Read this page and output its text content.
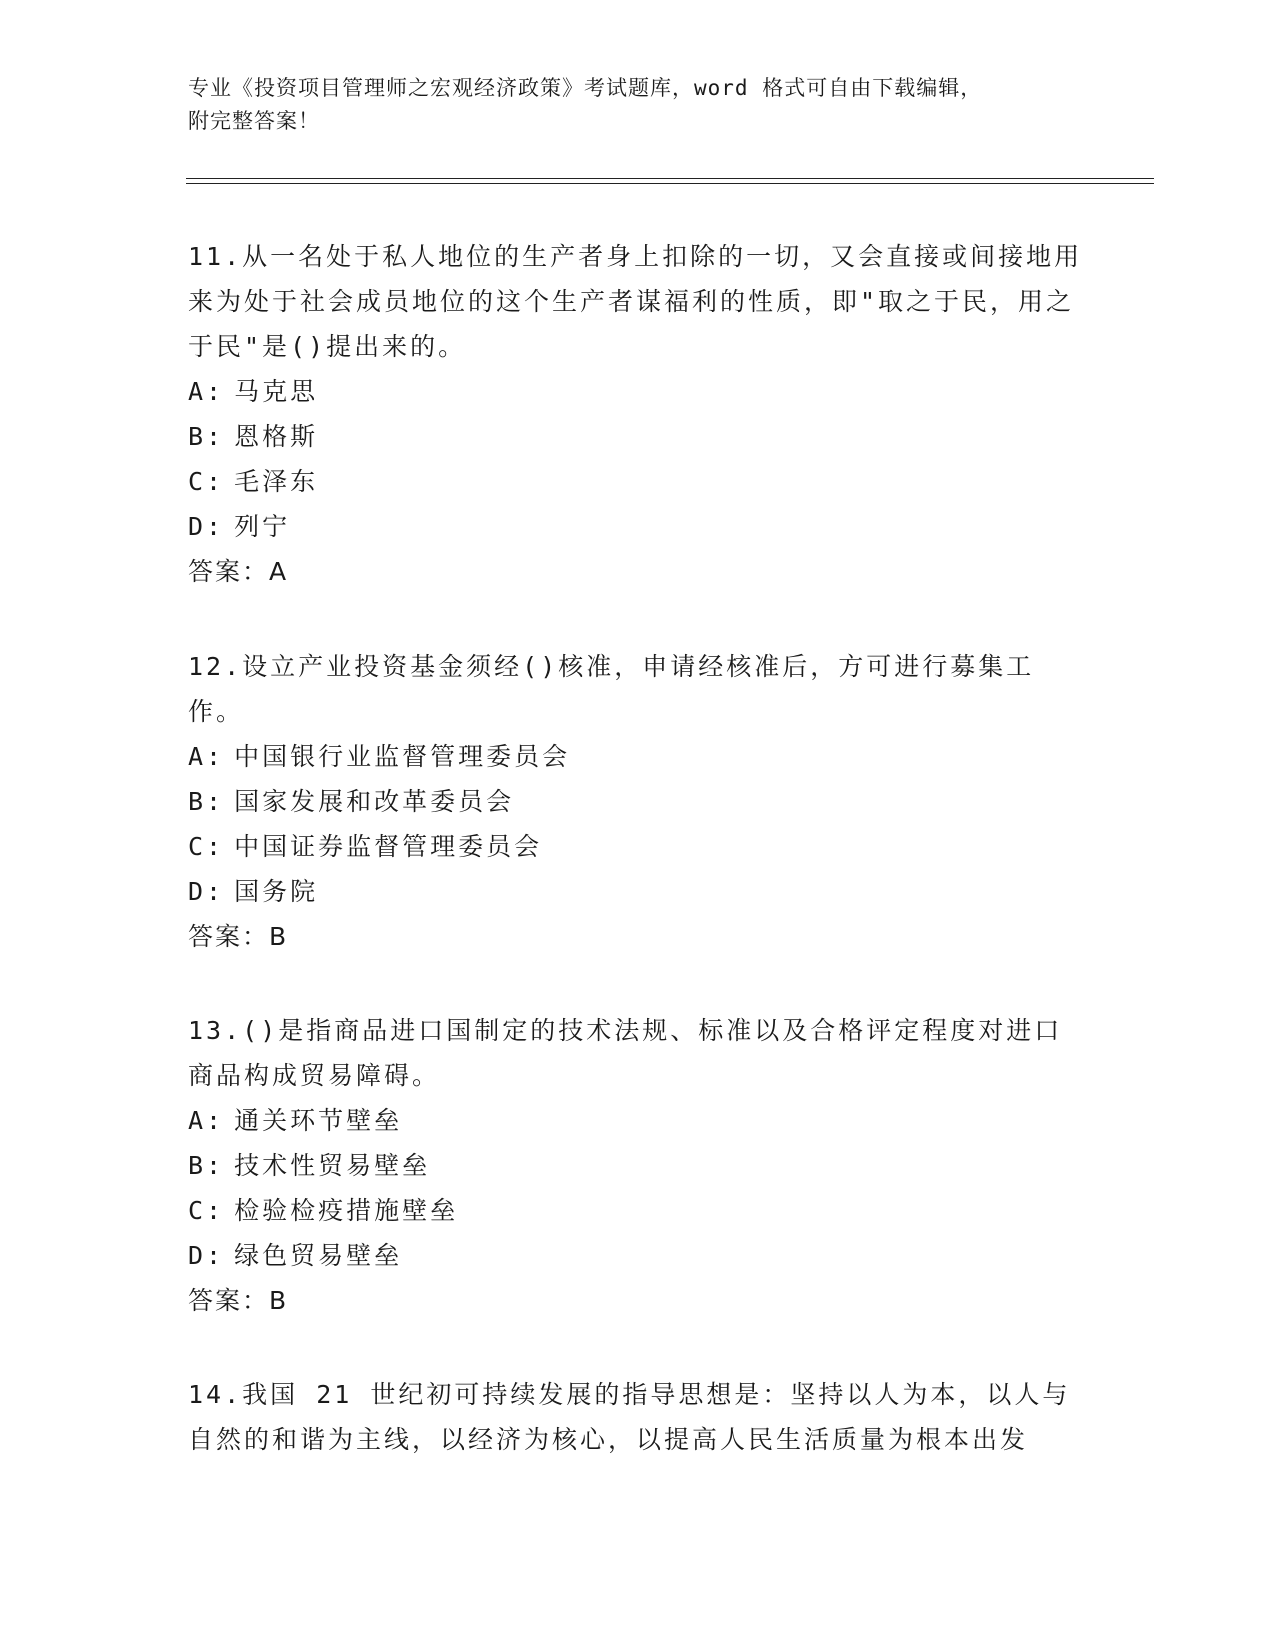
专业《投资项目管理师之宏观经济政策》考试题库，word 格式可自由下载编辑，
附完整答案！

11.从一名处于私人地位的生产者身上扣除的一切，又会直接或间接地用来为处于社会成员地位的这个生产者谋福利的性质，即"取之于民，用之于民"是()提出来的。

A: 马克思

B: 恩格斯

C: 毛泽东

D: 列宁

答案：A

12.设立产业投资基金须经()核准，申请经核准后，方可进行募集工作。

A: 中国银行业监督管理委员会

B: 国家发展和改革委员会

C: 中国证券监督管理委员会

D: 国务院

答案：B

13.()是指商品进口国制定的技术法规、标准以及合格评定程度对进口商品构成贸易障碍。

A: 通关环节壁垒

B: 技术性贸易壁垒

C: 检验检疫措施壁垒

D: 绿色贸易壁垒

答案：B

14.我国 21 世纪初可持续发展的指导思想是：坚持以人为本，以人与自然的和谐为主线，以经济为核心，以提高人民生活质量为根本出发
